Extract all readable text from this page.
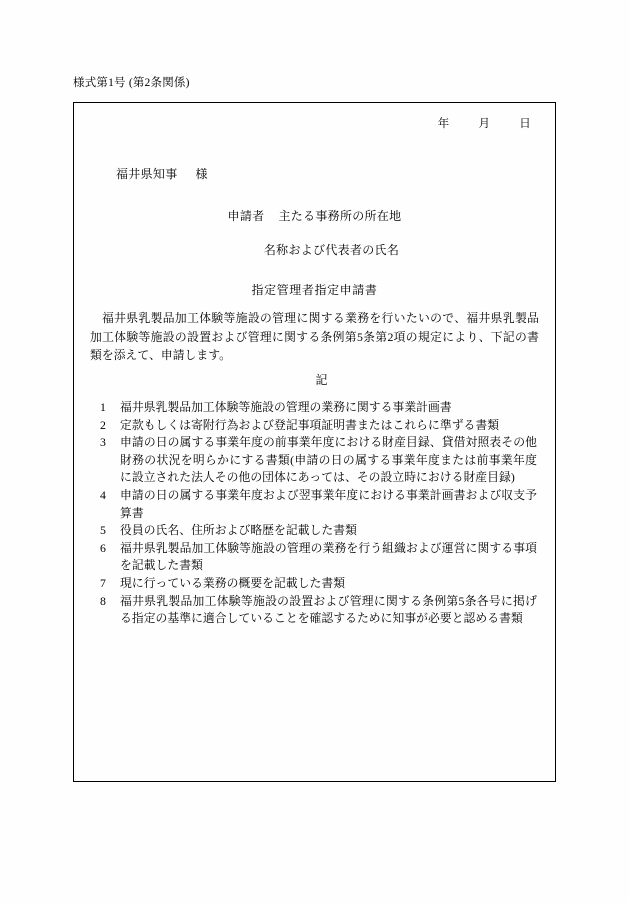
様式第1号 (第2条関係)
年	月	日
福井県知事 様
申請者 主たる事務所の所在地
名称および代表者の氏名
指定管理者指定申請書
福井県乳製品加工体験等施設の管理に関する業務を行いたいので、福井県乳製品加工体験等施設の設置および管理に関する条例第5条第2項の規定により、下記の書類を添えて、申請します。
記
1	福井県乳製品加工体験等施設の管理の業務に関する事業計画書
2	定款もしくは寄附行為および登記事項証明書またはこれらに準ずる書類
3	申請の日の属する事業年度の前事業年度における財産目録、貸借対照表その他財務の状況を明らかにする書類(申請の日の属する事業年度または前事業年度に設立された法人その他の団体にあっては、その設立時における財産目録)
4	申請の日の属する事業年度および翌事業年度における事業計画書および収支予算書
5	役員の氏名、住所および略歴を記載した書類
6	福井県乳製品加工体験等施設の管理の業務を行う組織および運営に関する事項を記載した書類
7	現に行っている業務の概要を記載した書類
8	福井県乳製品加工体験等施設の設置および管理に関する条例第5条各号に掲げる指定の基準に適合していることを確認するために知事が必要と認める書類
